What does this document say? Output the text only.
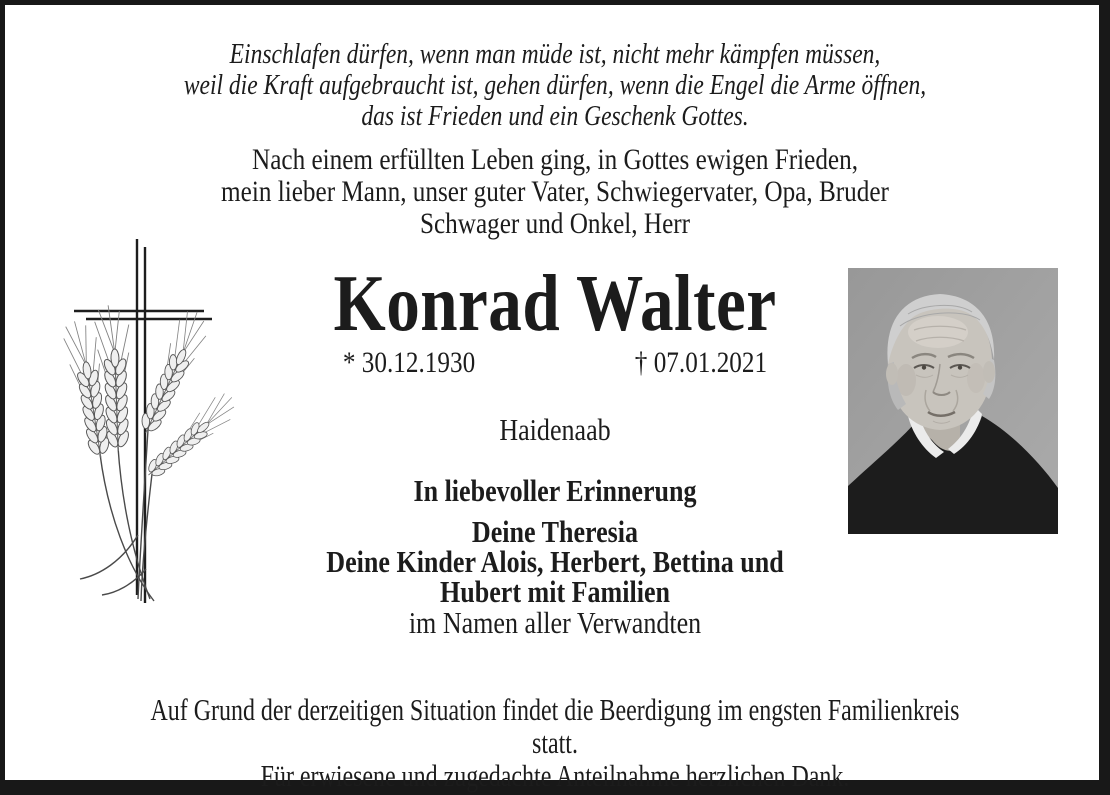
Einschlafen dürfen, wenn man müde ist, nicht mehr kämpfen müssen,
weil die Kraft aufgebraucht ist, gehen dürfen, wenn die Engel die Arme öffnen,
das ist Frieden und ein Geschenk Gottes.
Nach einem erfüllten Leben ging, in Gottes ewigen Frieden,
mein lieber Mann, unser guter Vater, Schwiegervater, Opa, Bruder
Schwager und Onkel, Herr
Konrad Walter
* 30.12.1930	† 07.01.2021
Haidenaab
In liebevoller Erinnerung
Deine Theresia
Deine Kinder Alois, Herbert, Bettina und
Hubert mit Familien
im Namen aller Verwandten
Auf Grund der derzeitigen Situation findet die Beerdigung im engsten Familienkreis statt.
Für erwiesene und zugedachte Anteilnahme herzlichen Dank.
